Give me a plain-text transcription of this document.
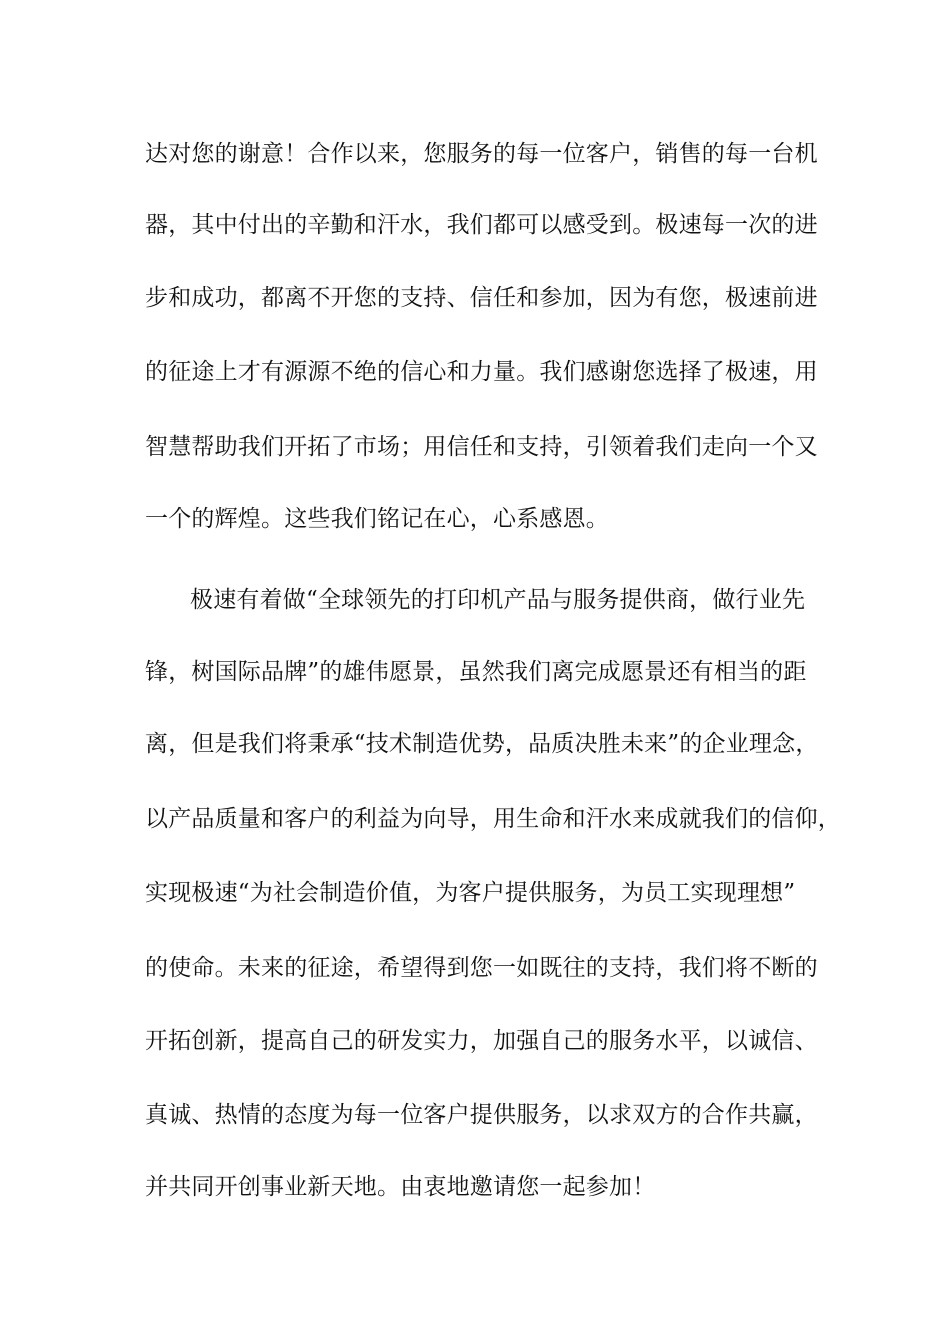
达对您的谢意！合作以来，您服务的每一位客户，销售的每一台机
器，其中付出的辛勤和汗水，我们都可以感受到。极速每一次的进
步和成功，都离不开您的支持、信任和参加，因为有您，极速前进
的征途上才有源源不绝的信心和力量。我们感谢您选择了极速，用
智慧帮助我们开拓了市场；用信任和支持，引领着我们走向一个又
一个的辉煌。这些我们铭记在心，心系感恩。
极速有着做“全球领先的打印机产品与服务提供商，做行业先
锋，树国际品牌”的雄伟愿景，虽然我们离完成愿景还有相当的距
离，但是我们将秉承“技术制造优势，品质决胜未来”的企业理念，
以产品质量和客户的利益为向导，用生命和汗水来成就我们的信仰，
实现极速“为社会制造价值，为客户提供服务，为员工实现理想”
的使命。未来的征途，希望得到您一如既往的支持，我们将不断的
开拓创新，提高自己的研发实力，加强自己的服务水平，以诚信、
真诚、热情的态度为每一位客户提供服务，以求双方的合作共赢，
并共同开创事业新天地。由衷地邀请您一起参加！
